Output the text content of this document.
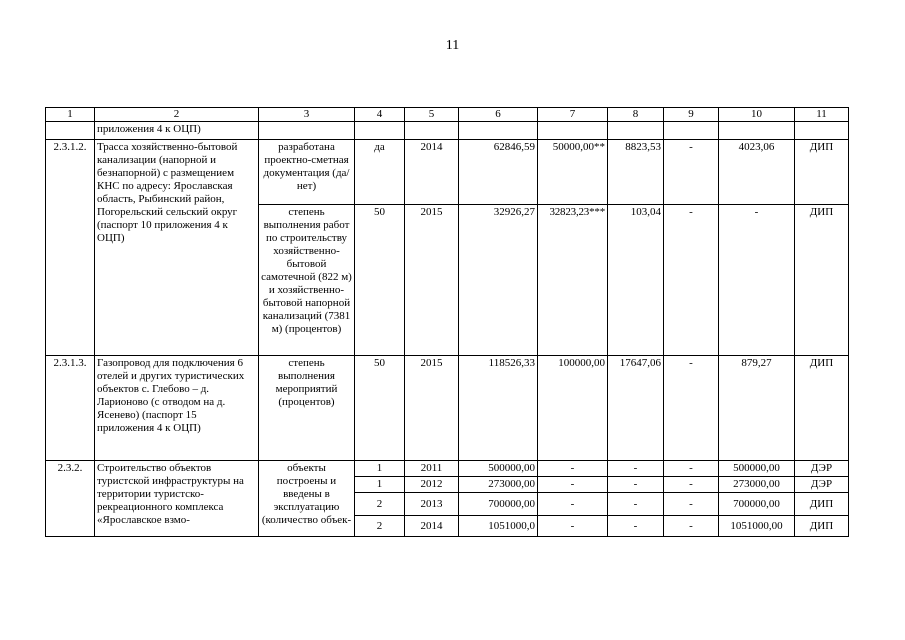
11
1	2	3	4	5	6	7	8	9	10	11
	приложения 4 к ОЦП)									
2.3.1.2.	Трасса хозяйственно-бытовой канализации (напорной и безнапорной) с размещением КНС по адресу: Ярославская область, Рыбинский район, Погорельский сельский округ (паспорт 10 приложения 4 к ОЦП)	разработана проектно-сметная документация (да/нет)	да	2014	62846,59	50000,00**	8823,53	-	4023,06	ДИП
		степень выполнения работ по строительству хозяйственно-бытовой самотечной (822 м) и хозяйственно-бытовой напорной канализаций (7381 м) (процентов)	50	2015	32926,27	32823,23***	103,04	-	-	ДИП
2.3.1.3.	Газопровод для подключения 6 отелей и других туристических объектов с. Глебово – д. Ларионово (с отводом на д. Ясенево) (паспорт 15 приложения 4 к ОЦП)	степень выполнения мероприятий (процентов)	50	2015	118526,33	100000,00	17647,06	-	879,27	ДИП
2.3.2.	Строительство объектов туристской инфраструктуры на территории туристско-рекреационного комплекса «Ярославское взмо-	объекты построены и введены в эксплуатацию (количество объек-	1	2011	500000,00	-	-	-	500000,00	ДЭР
			1	2012	273000,00	-	-	-	273000,00	ДЭР
			2	2013	700000,00	-	-	-	700000,00	ДИП
			2	2014	1051000,0	-	-	-	1051000,00	ДИП
